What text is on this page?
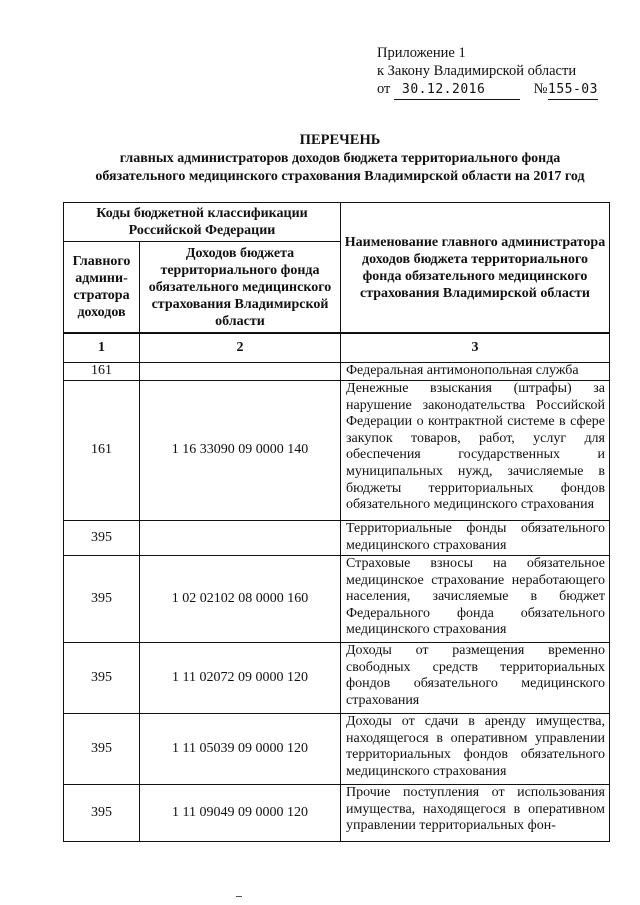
Приложение 1
к Закону Владимирской области
от 30.12.2016	№155-03
ПЕРЕЧЕНЬ
главных администраторов доходов бюджета территориального фонда
обязательного медицинского страхования Владимирской области на 2017 год
Коды бюджетной классификации Российской Федерации		Наименование главного администратора доходов бюджета территориального фонда обязательного медицинского страхования Владимирской области
Главного админи-стратора доходов	Доходов бюджета территориального фонда обязательного медицинского страхования Владимирской области	
1	2	3
161		Федеральная антимонопольная служба
161	1 16 33090 09 0000 140	Денежные взыскания (штрафы) за нарушение законодательства Российской Федерации о контрактной системе в сфере закупок товаров, работ, услуг для обеспечения государственных и муниципальных нужд, зачисляемые в бюджеты территориальных фондов обязательного медицинского страхования
395		Территориальные фонды обязательного медицинского страхования
395	1 02 02102 08 0000 160	Страховые взносы на обязательное медицинское страхование неработающего населения, зачисляемые в бюджет Федерального фонда обязательного медицинского страхования
395	1 11 02072 09 0000 120	Доходы от размещения временно свободных средств территориальных фондов обязательного медицинского страхования
395	1 11 05039 09 0000 120	Доходы от сдачи в аренду имущества, находящегося в оперативном управлении территориальных фондов обязательного медицинского страхования
395	1 11 09049 09 0000 120	Прочие поступления от использования имущества, находящегося в оперативном управлении территориальных фон-
